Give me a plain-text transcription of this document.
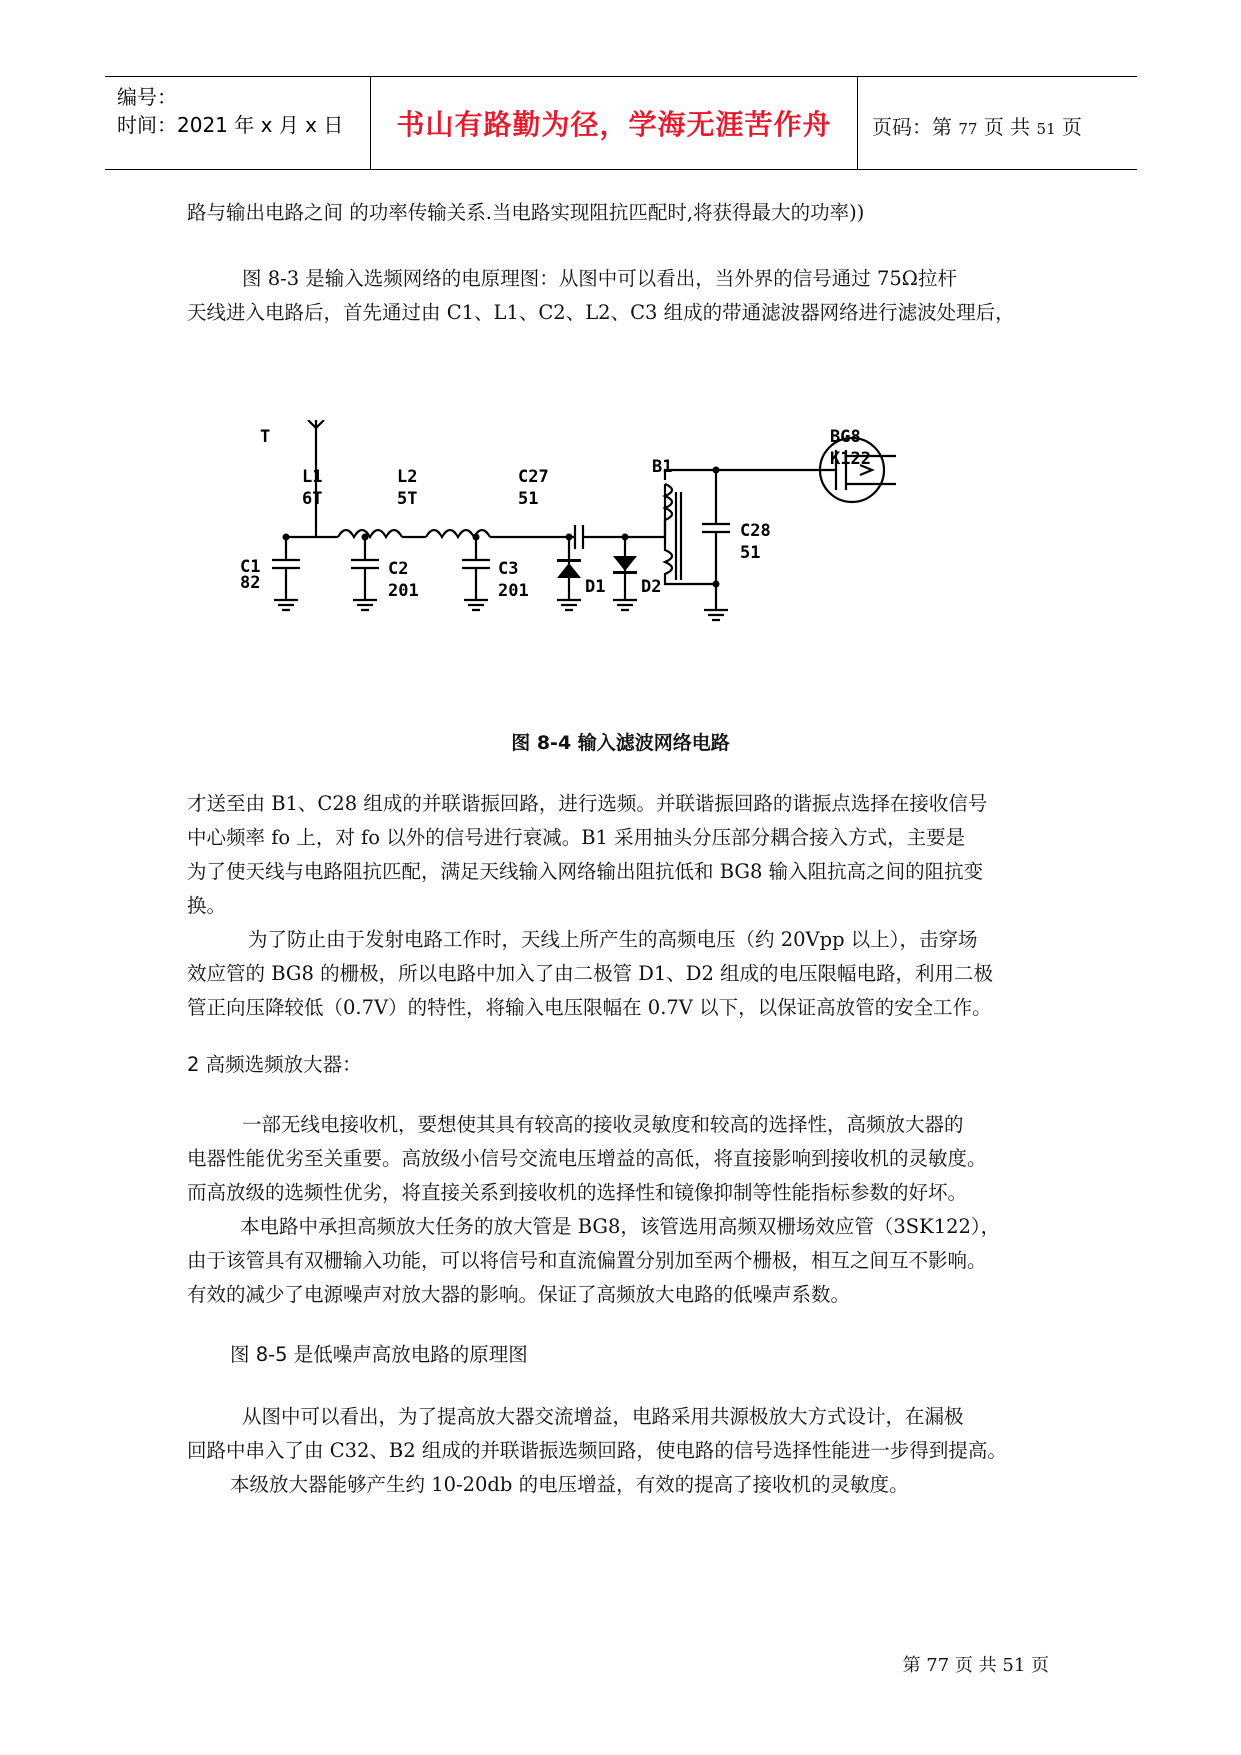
编号：
时间：2021 年 x 月 x 日	书山有路勤为径，学海无涯苦作舟	页码：第 77 页 共 51 页
路与输出电路之间 的功率传输关系.当电路实现阻抗匹配时,将获得最大的功率))
图 8-3 是输入选频网络的电原理图：从图中可以看出，当外界的信号通过 75Ω拉杆
天线进入电路后，首先通过由 C1、L1、C2、L2、C3 组成的带通滤波器网络进行滤波处理后，
T
L1
6T
L2
5T
C27
51
B1
BG8
K122
C28
51
C1
82
C2
201
C3
201	D1 D2
图 8-4 输入滤波网络电路
才送至由 B1、C28 组成的并联谐振回路，进行选频。并联谐振回路的谐振点选择在接收信号
中心频率 fo 上，对 fo 以外的信号进行衰减。B1 采用抽头分压部分耦合接入方式，主要是
为了使天线与电路阻抗匹配，满足天线输入网络输出阻抗低和 BG8 输入阻抗高之间的阻抗变
换。
为了防止由于发射电路工作时，天线上所产生的高频电压（约 20Vpp 以上），击穿场
效应管的 BG8 的栅极，所以电路中加入了由二极管 D1、D2 组成的电压限幅电路，利用二极
管正向压降较低（0.7V）的特性，将输入电压限幅在 0.7V 以下，以保证高放管的安全工作。
2 高频选频放大器：
一部无线电接收机，要想使其具有较高的接收灵敏度和较高的选择性，高频放大器的
电器性能优劣至关重要。高放级小信号交流电压增益的高低，将直接影响到接收机的灵敏度。
而高放级的选频性优劣，将直接关系到接收机的选择性和镜像抑制等性能指标参数的好坏。
本电路中承担高频放大任务的放大管是 BG8，该管选用高频双栅场效应管（3SK122），
由于该管具有双栅输入功能，可以将信号和直流偏置分别加至两个栅极，相互之间互不影响。
有效的减少了电源噪声对放大器的影响。保证了高频放大电路的低噪声系数。
图 8-5 是低噪声高放电路的原理图
从图中可以看出，为了提高放大器交流增益，电路采用共源极放大方式设计，在漏极
回路中串入了由 C32、B2 组成的并联谐振选频回路，使电路的信号选择性能进一步得到提高。
本级放大器能够产生约 10-20db 的电压增益，有效的提高了接收机的灵敏度。
第 77 页 共 51 页
